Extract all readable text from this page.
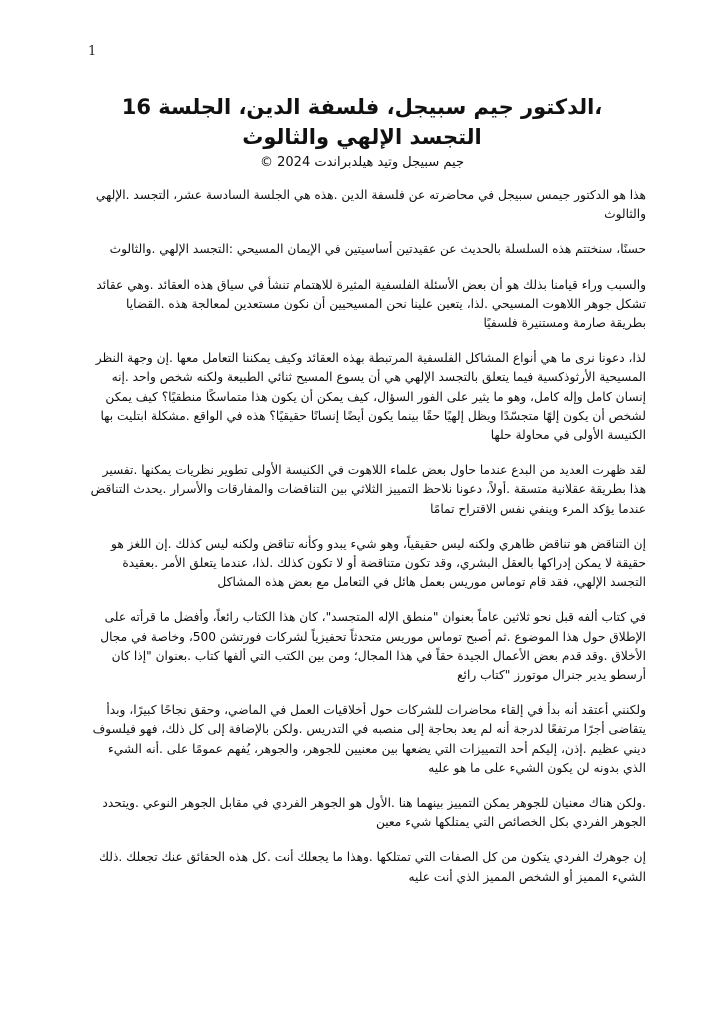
1
،الدكتور جيم سبيجل، فلسفة الدين، الجلسة 16
التجسد الإلهي والثالوث
جيم سبيجل وتيد هيلدبراندت 2024 ©

هذا هو الدكتور جيمس سبيجل في محاضرته عن فلسفة الدين .هذه هي الجلسة السادسة عشر، التجسد .الإلهي والثالوث

حسنًا، سنختتم هذه السلسلة بالحديث عن عقيدتين أساسيتين في الإيمان المسيحي :التجسد الإلهي .والثالوث

والسبب وراء قيامنا بذلك هو أن بعض الأسئلة الفلسفية المثيرة للاهتمام تنشأ في سياق هذه العقائد .وهي عقائد تشكل جوهر اللاهوت المسيحي .لذا، يتعين علينا نحن المسيحيين أن نكون مستعدين لمعالجة هذه .القضايا بطريقة صارمة ومستنيرة فلسفيًا

لذا، دعونا نرى ما هي أنواع المشاكل الفلسفية المرتبطة بهذه العقائد وكيف يمكننا التعامل معها .إن وجهة النظر المسيحية الأرثوذكسية فيما يتعلق بالتجسد الإلهي هي أن يسوع المسيح ثنائي الطبيعة ولكنه شخص واحد .إنه إنسان كامل وإله كامل، وهو ما يثير على الفور السؤال، كيف يمكن أن يكون هذا متماسكًا منطقيًا؟ كيف يمكن لشخص أن يكون إلهًا متجسّدًا ويظل إلهيًا حقًا بينما يكون أيضًا إنسانًا حقيقيًا؟ هذه في الواقع .مشكلة ابتليت بها الكنيسة الأولى في محاولة حلها

لقد ظهرت العديد من البدع عندما حاول بعض علماء اللاهوت في الكنيسة الأولى تطوير نظريات يمكنها .تفسير هذا بطريقة عقلانية متسقة .أولاً، دعونا نلاحظ التمييز الثلاثي بين التناقضات والمفارقات والأسرار .يحدث التناقض عندما يؤكد المرء وينفي نفس الاقتراح تمامًا

إن التناقض هو تناقض ظاهري ولكنه ليس حقيقياً، وهو شيء يبدو وكأنه تناقض ولكنه ليس كذلك .إن اللغز هو حقيقة لا يمكن إدراكها بالعقل البشري، وقد تكون متناقضة أو لا تكون كذلك .لذا، عندما يتعلق الأمر .بعقيدة التجسد الإلهي، فقد قام توماس موريس بعمل هائل في التعامل مع بعض هذه المشاكل

في كتاب ألفه قبل نحو ثلاثين عاماً بعنوان "منطق الإله المتجسد"، كان هذا الكتاب رائعاً، وأفضل ما قرأته على الإطلاق حول هذا الموضوع .ثم أصبح توماس موريس متحدثاً تحفيزياً لشركات فورتشن 500، وخاصة في مجال الأخلاق .وقد قدم بعض الأعمال الجيدة حقاً في هذا المجال؛ ومن بين الكتب التي ألفها كتاب .بعنوان "إذا كان أرسطو يدير جنرال موتورز "كتاب رائع

ولكنني أعتقد أنه بدأ في إلقاء محاضرات للشركات حول أخلاقيات العمل في الماضي، وحقق نجاحًا كبيرًا، وبدأ يتقاضى أجرًا مرتفعًا لدرجة أنه لم يعد بحاجة إلى منصبه في التدريس .ولكن بالإضافة إلى كل ذلك، فهو فيلسوف ديني عظيم .إذن، إليكم أحد التمييزات التي يضعها بين معنيين للجوهر، والجوهر، يُفهم عمومًا على .أنه الشيء الذي بدونه لن يكون الشيء على ما هو عليه

.ولكن هناك معنيان للجوهر يمكن التمييز بينهما هنا .الأول هو الجوهر الفردي في مقابل الجوهر النوعي .ويتحدد الجوهر الفردي بكل الخصائص التي يمتلكها شيء معين

إن جوهرك الفردي يتكون من كل الصفات التي تمتلكها .وهذا ما يجعلك أنت .كل هذه الحقائق عنك تجعلك .ذلك الشيء المميز أو الشخص المميز الذي أنت عليه
